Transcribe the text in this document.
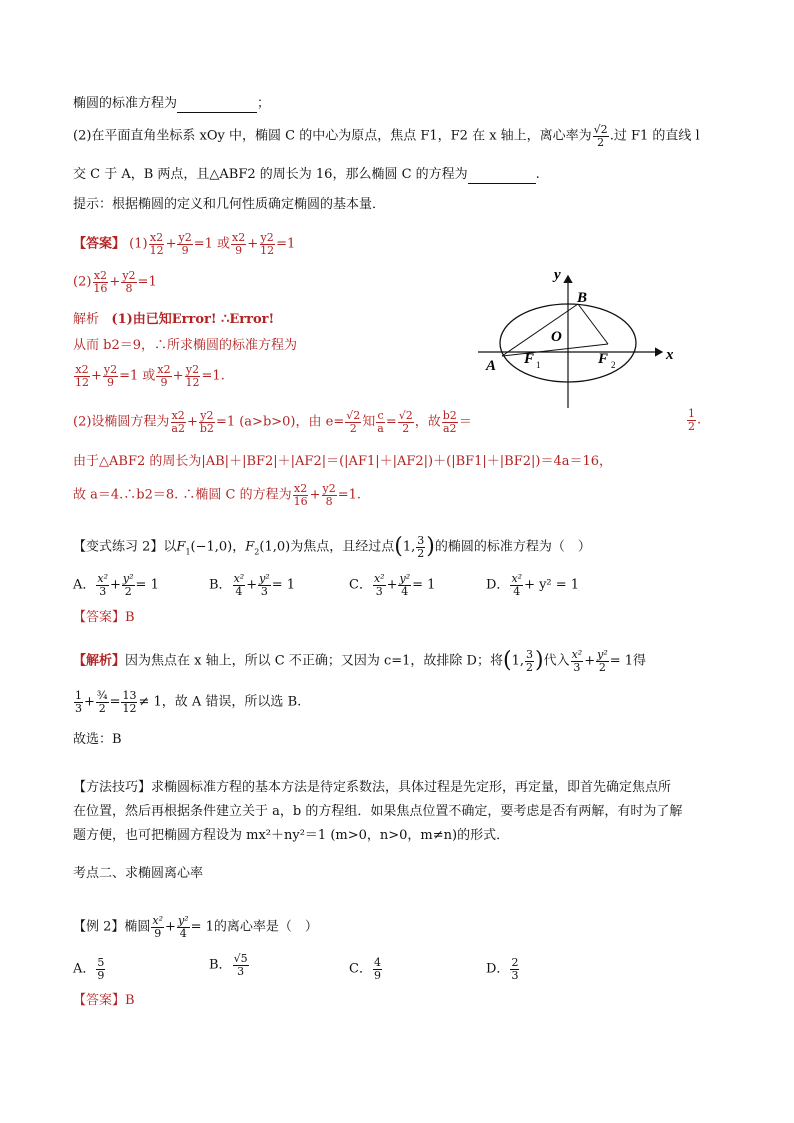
椭圆的标准方程为	；
(2)在平面直角坐标系 xOy 中，椭圆 C 的中心为原点，焦点 F1，F2 在 x 轴上，离心率为 $\frac{√2}{2}$ .过 F1 的直线 l
交 C 于 A，B 两点，且△ABF2 的周长为 16，那么椭圆 C 的方程为	.
提示：根据椭圆的定义和几何性质确定椭圆的基本量．
【答案】 $(1) \frac{x2}{12} + \frac{y2}{9} =1$ 或 $\frac{x2}{9} + \frac{y2}{12} =1$
$(2) \frac{x2}{16} + \frac{y2}{8} =1$
解析 (1)由已知Error! ∴Error!
从而 b2＝9，∴所求椭圆的标准方程为
$\frac{x2}{12} + \frac{y2}{9} =1$ 或 $\frac{x2}{9} + \frac{y2}{12} =1$.
(2)设椭圆方程为 $\frac{x2}{a2} + \frac{y2}{b2} =1$ (a>b>0)，由 $e= \frac{√2}{2}$ 知 $\frac{c}{a} = \frac{√2}{2}$ ，故 $\frac{b2}{a2}$ ＝	$\frac{1}{2}$ .
由于△ABF2 的周长为|AB|＋|BF2|＋|AF2|＝(|AF1|＋|AF2|)＋(|BF1|＋|BF2|)＝4a＝16，
故 a＝4.∴b2＝8. ∴椭圆 C 的方程为 $\frac{x2}{16} + \frac{y2}{8} =1$.
y
x
B
O
A F 1	F 2
【变式练习 2】以$F_1(-1,0)$，$F_2(1,0)$为焦点，且经过点(1, $\frac{3}{2}$ )的椭圆的标准方程为（　）
A． $\frac{\text{x²}}{3} + \frac{\text{y²}}{2} = 1$	B． $\frac{\text{x²}}{4} + \frac{\text{y²}}{3} = 1$	C． $\frac{\text{x²}}{3} + \frac{\text{y²}}{4} = 1$	D． $\frac{\text{x²}}{4} + y^2 = 1$
【答案】B
【解析】因为焦点在 x 轴上，所以 C 不正确；又因为 c=1，故排除 D；将(1, $\frac{3}{2}$ )代入 $\frac{\text{x²}}{3} + \frac{\text{y²}}{2} = 1$得
$\frac{1}{3} + \frac{\text{¾}}{2} = \frac{13}{12} \ne 1$，故 A 错误，所以选 B.
故选：B
【方法技巧】求椭圆标准方程的基本方法是待定系数法，具体过程是先定形，再定量，即首先确定焦点所
在位置，然后再根据条件建立关于 a，b 的方程组．如果焦点位置不确定，要考虑是否有两解，有时为了解
题方便，也可把椭圆方程设为 mx²＋ny²＝1 (m>0，n>0，m≠n)的形式．
考点二、求椭圆离心率
【例 2】椭圆 $\frac{\text{x²}}{9} + \frac{\text{y²}}{4} = 1$的离心率是（　）
A． $\frac{5}{9}$	B． $\frac{√5}{3}$	C． $\frac{4}{9}$	D． $\frac{2}{3}$
【答案】B
